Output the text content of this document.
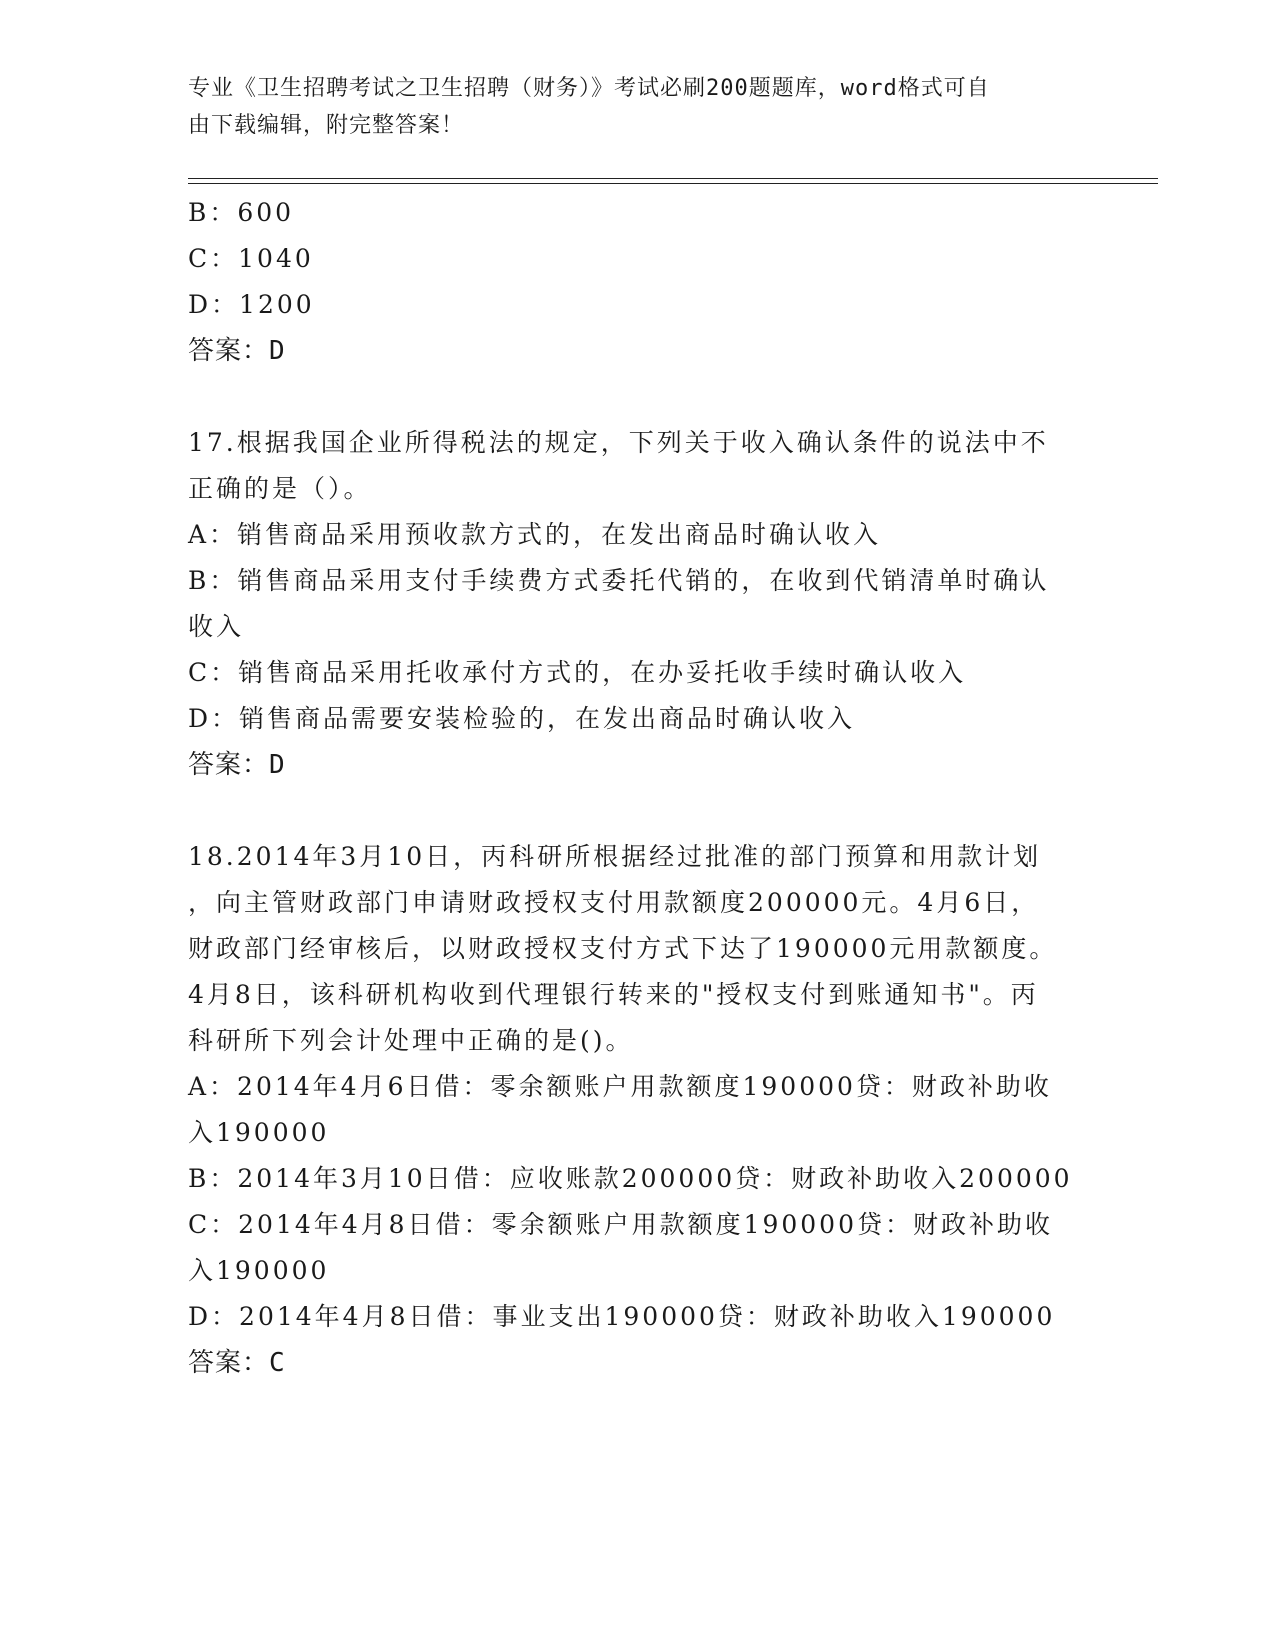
专业《卫生招聘考试之卫生招聘（财务）》考试必刷200题题库，word格式可自
由下载编辑，附完整答案！

B：600

C：1040

D：1200

答案：D

17.根据我国企业所得税法的规定，下列关于收入确认条件的说法中不

正确的是（）。

A：销售商品采用预收款方式的，在发出商品时确认收入

B：销售商品采用支付手续费方式委托代销的，在收到代销清单时确认

收入

C：销售商品采用托收承付方式的，在办妥托收手续时确认收入

D：销售商品需要安装检验的，在发出商品时确认收入

答案：D

18.2014年3月10日，丙科研所根据经过批准的部门预算和用款计划

，向主管财政部门申请财政授权支付用款额度200000元。4月6日，

财政部门经审核后，以财政授权支付方式下达了190000元用款额度。

4月8日，该科研机构收到代理银行转来的"授权支付到账通知书"。丙

科研所下列会计处理中正确的是()。

A：2014年4月6日借：零余额账户用款额度190000贷：财政补助收

入190000

B：2014年3月10日借：应收账款200000贷：财政补助收入200000

C：2014年4月8日借：零余额账户用款额度190000贷：财政补助收

入190000

D：2014年4月8日借：事业支出190000贷：财政补助收入190000

答案：C
